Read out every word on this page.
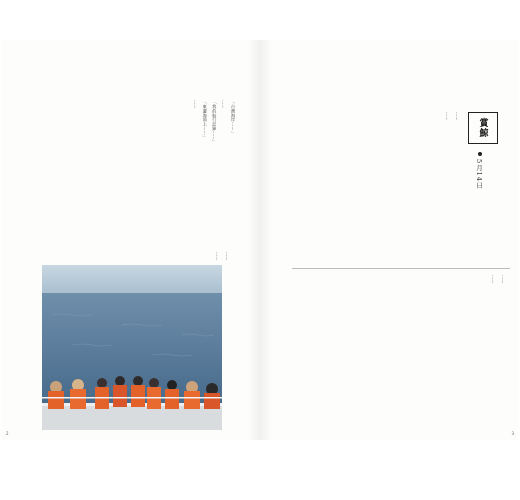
「台灣海岸……」

……

「我的航行記錄……」

「東邊海面上……」

……

……

……

2
賞鯨
5月14日

……

……

……

……

3
